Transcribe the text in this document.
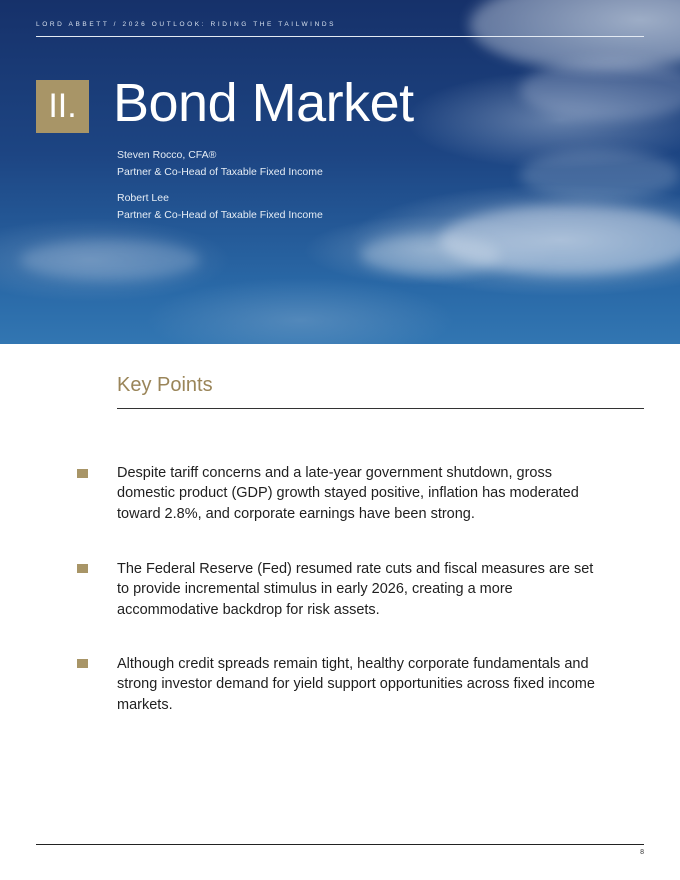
LORD ABBETT / 2026 OUTLOOK: RIDING THE TAILWINDS
II. Bond Market
Steven Rocco, CFA®
Partner & Co-Head of Taxable Fixed Income
Robert Lee
Partner & Co-Head of Taxable Fixed Income
Key Points
Despite tariff concerns and a late-year government shutdown, gross domestic product (GDP) growth stayed positive, inflation has moderated toward 2.8%, and corporate earnings have been strong.
The Federal Reserve (Fed) resumed rate cuts and fiscal measures are set to provide incremental stimulus in early 2026, creating a more accommodative backdrop for risk assets.
Although credit spreads remain tight, healthy corporate fundamentals and strong investor demand for yield support opportunities across fixed income markets.
8
